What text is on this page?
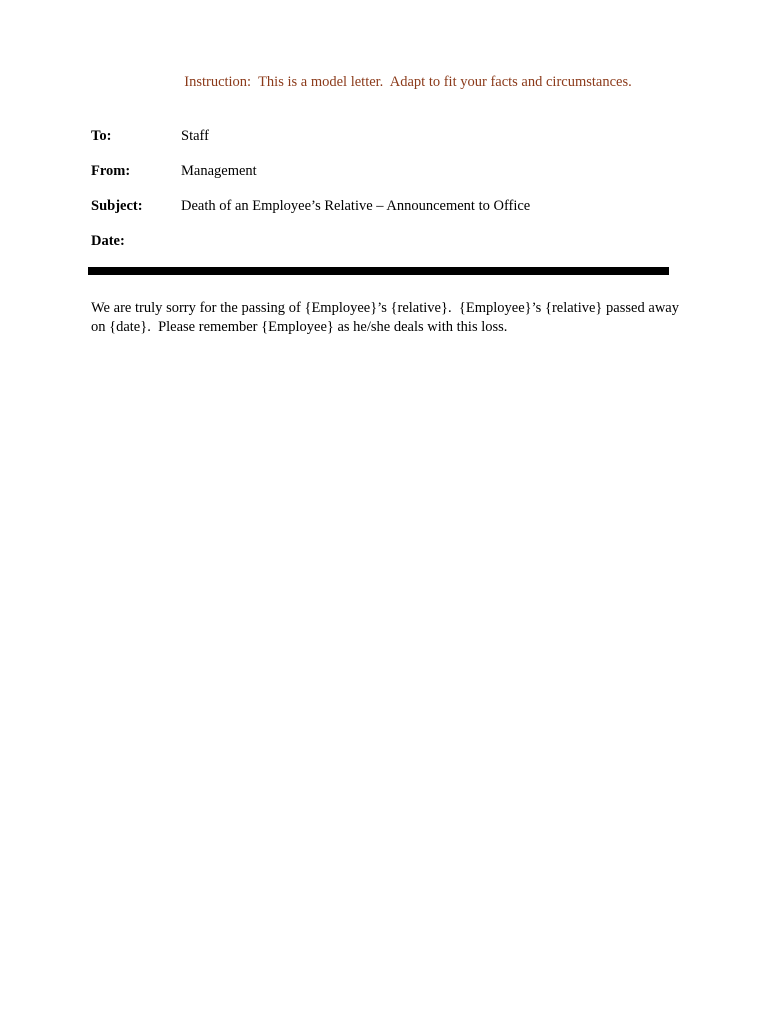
Instruction:  This is a model letter.  Adapt to fit your facts and circumstances.
To:	Staff
From:	Management
Subject:	Death of an Employee’s Relative – Announcement to Office
Date:
We are truly sorry for the passing of {Employee}’s {relative}.  {Employee}’s {relative} passed away on {date}.  Please remember {Employee} as he/she deals with this loss.
